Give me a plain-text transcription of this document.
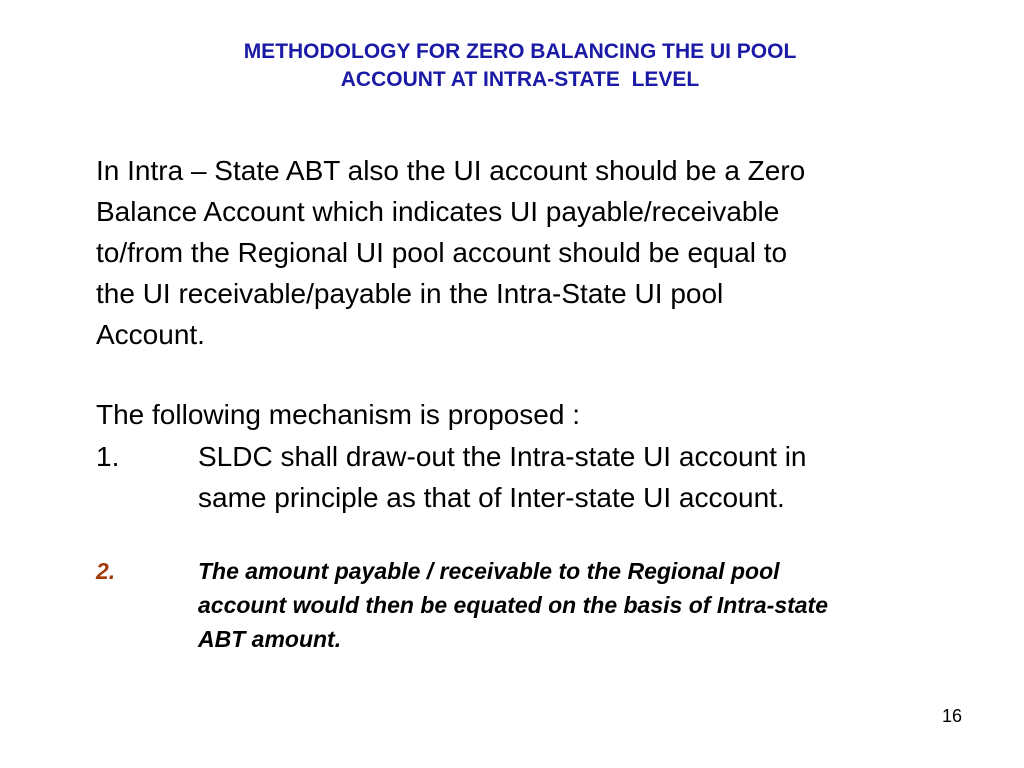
METHODOLOGY FOR ZERO BALANCING THE UI POOL
ACCOUNT AT INTRA-STATE  LEVEL
In Intra – State ABT also the UI account should be a Zero
Balance Account which indicates UI payable/receivable
to/from the Regional UI pool account should be equal to
the UI receivable/payable in the Intra-State UI pool
Account.
The following mechanism is proposed :
1.	SLDC shall draw-out the Intra-state UI account in
same principle as that of Inter-state UI account.
2.	The amount payable / receivable to the Regional pool
account would then be equated on the basis of Intra-state
ABT amount.
16
